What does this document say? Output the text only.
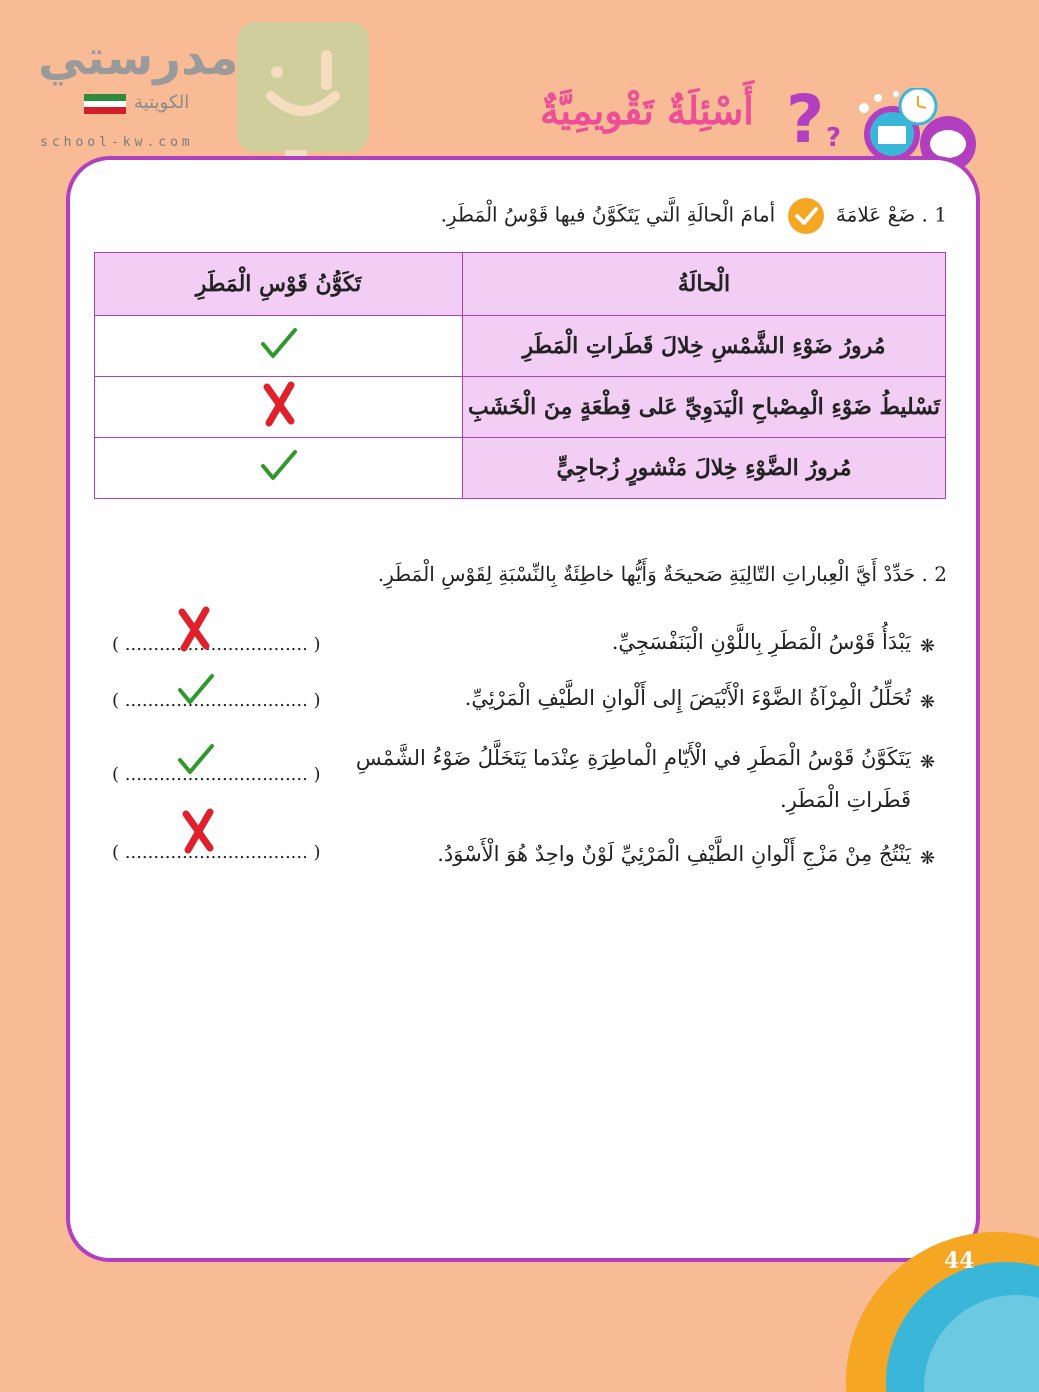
مدرستي
الكويتية
school-kw.com
أَسْئِلَةٌ تَقْويمِيَّةٌ ? ?
1 . ضَعْ عَلامَةَ
أمامَ الْحالَةِ الَّتي يَتَكَوَّنُ فيها قَوْسُ الْمَطَرِ.
الْحالَةُ	تَكَوُّنُ قَوْسِ الْمَطَرِ
مُرورُ ضَوْءِ الشَّمْسِ خِلالَ قَطَراتِ الْمَطَرِ	
تَسْليطُ ضَوْءِ الْمِصْباحِ الْيَدَوِيِّ عَلى قِطْعَةٍ مِنَ الْخَشَبِ	
مُرورُ الضَّوْءِ خِلالَ مَنْشورٍ زُجاجِيٍّ	
2 . حَدِّدْ أَيَّ الْعِباراتِ التّالِيَةِ صَحيحَةٌ وَأَيُّها خاطِئَةٌ بِالنِّسْبَةِ لِقَوْسِ الْمَطَرِ.
❋
يَبْدَأُ قَوْسُ الْمَطَرِ بِاللَّوْنِ الْبَنَفْسَجِيِّ.
( ................................ )
❋
تُحَلِّلُ الْمِرْآةُ الضَّوْءَ الْأَبْيَضَ إِلى أَلْوانِ الطَّيْفِ الْمَرْئِيِّ.
( ................................ )
❋
يَتَكَوَّنُ قَوْسُ الْمَطَرِ في الْأَيّامِ الْماطِرَةِ عِنْدَما يَتَخَلَّلُ ضَوْءُ الشَّمْسِ
قَطَراتِ الْمَطَرِ.
( ................................ )
❋
يَنْتُجُ مِنْ مَزْجِ أَلْوانِ الطَّيْفِ الْمَرْئِيِّ لَوْنٌ واحِدٌ هُوَ الْأَسْوَدُ.
( ................................ )
44
